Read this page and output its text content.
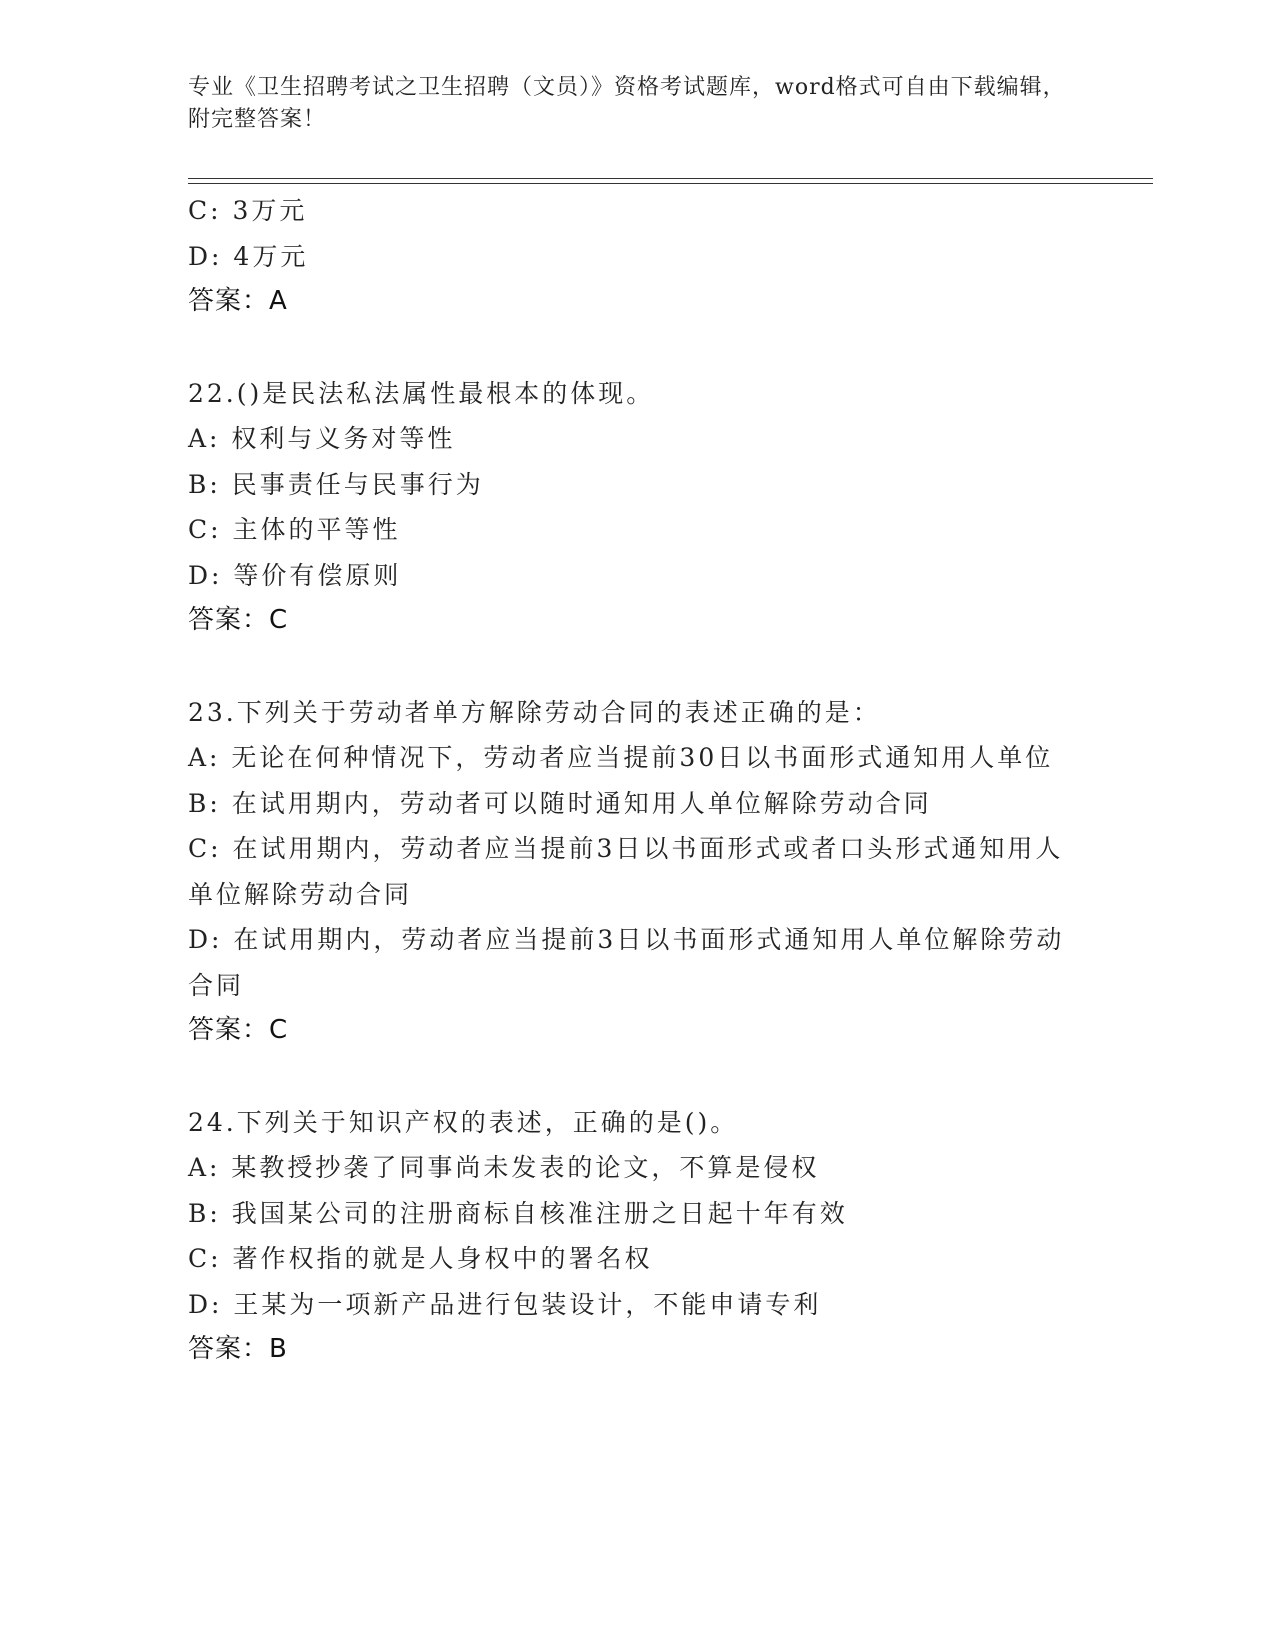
专业《卫生招聘考试之卫生招聘（文员）》资格考试题库，word格式可自由下载编辑，附完整答案！
C: 3万元
D: 4万元
答案：A
22.()是民法私法属性最根本的体现。
A: 权利与义务对等性
B: 民事责任与民事行为
C: 主体的平等性
D: 等价有偿原则
答案：C
23.下列关于劳动者单方解除劳动合同的表述正确的是：
A: 无论在何种情况下，劳动者应当提前30日以书面形式通知用人单位
B: 在试用期内，劳动者可以随时通知用人单位解除劳动合同
C: 在试用期内，劳动者应当提前3日以书面形式或者口头形式通知用人单位解除劳动合同
D: 在试用期内，劳动者应当提前3日以书面形式通知用人单位解除劳动合同
答案：C
24.下列关于知识产权的表述，正确的是()。
A: 某教授抄袭了同事尚未发表的论文，不算是侵权
B: 我国某公司的注册商标自核准注册之日起十年有效
C: 著作权指的就是人身权中的署名权
D: 王某为一项新产品进行包装设计，不能申请专利
答案：B
